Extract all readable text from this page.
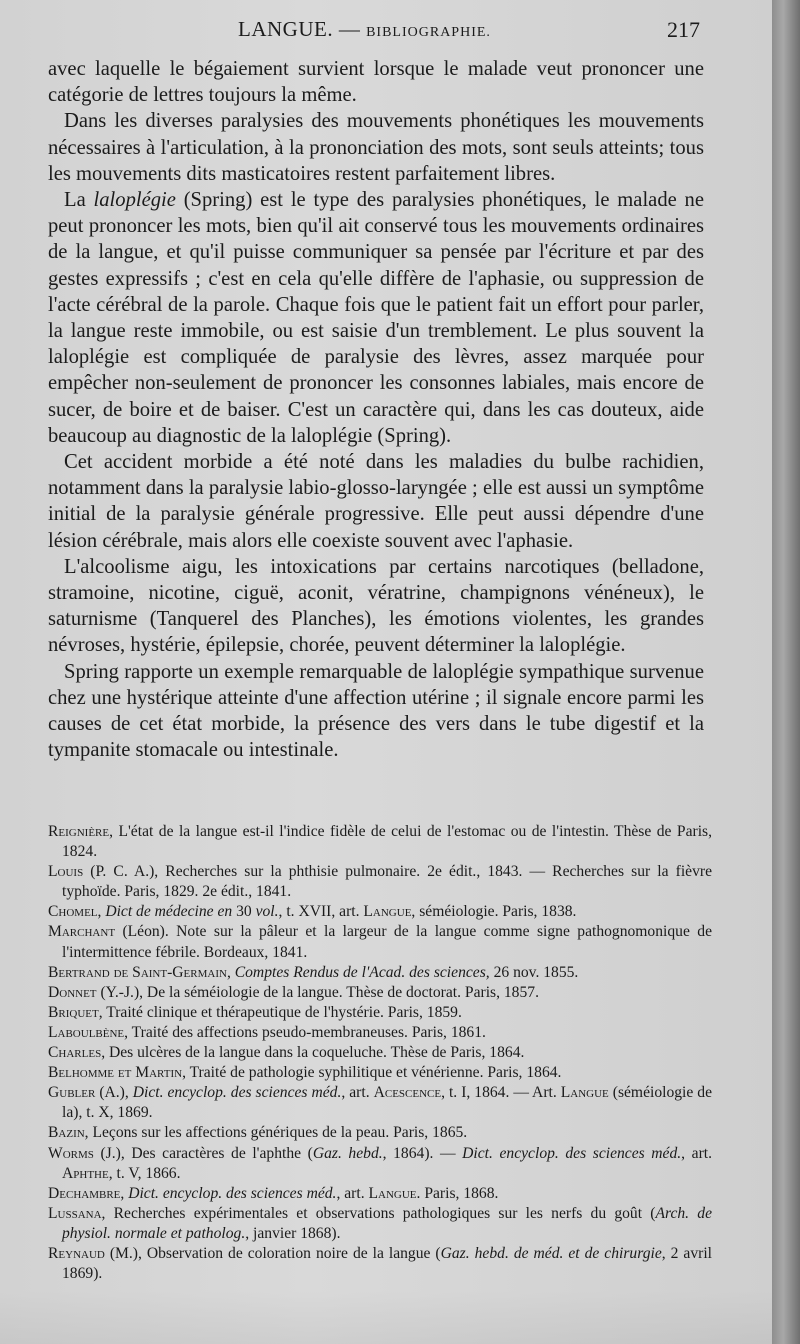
LANGUE. — BIBLIOGRAPHIE.	217

avec laquelle le bégaiement survient lorsque le malade veut prononcer une catégorie de lettres toujours la même.

Dans les diverses paralysies des mouvements phonétiques les mouvements nécessaires à l'articulation, à la prononciation des mots, sont seuls atteints; tous les mouvements dits masticatoires restent parfaitement libres.

La laloplégie (Spring) est le type des paralysies phonétiques, le malade ne peut prononcer les mots, bien qu'il ait conservé tous les mouvements ordinaires de la langue, et qu'il puisse communiquer sa pensée par l'écriture et par des gestes expressifs ; c'est en cela qu'elle diffère de l'aphasie, ou suppression de l'acte cérébral de la parole. Chaque fois que le patient fait un effort pour parler, la langue reste immobile, ou est saisie d'un tremblement. Le plus souvent la laloplégie est compliquée de paralysie des lèvres, assez marquée pour empêcher non-seulement de prononcer les consonnes labiales, mais encore de sucer, de boire et de baiser. C'est un caractère qui, dans les cas douteux, aide beaucoup au diagnostic de la laloplégie (Spring).

Cet accident morbide a été noté dans les maladies du bulbe rachidien, notamment dans la paralysie labio-glosso-laryngée ; elle est aussi un symptôme initial de la paralysie générale progressive. Elle peut aussi dépendre d'une lésion cérébrale, mais alors elle coexiste souvent avec l'aphasie.

L'alcoolisme aigu, les intoxications par certains narcotiques (belladone, stramoine, nicotine, ciguë, aconit, vératrine, champignons vénéneux), le saturnisme (Tanquerel des Planches), les émotions violentes, les grandes névroses, hystérie, épilepsie, chorée, peuvent déterminer la laloplégie.

Spring rapporte un exemple remarquable de laloplégie sympathique survenue chez une hystérique atteinte d'une affection utérine ; il signale encore parmi les causes de cet état morbide, la présence des vers dans le tube digestif et la tympanite stomacale ou intestinale.

Reignière, L'état de la langue est-il l'indice fidèle de celui de l'estomac ou de l'intestin. Thèse de Paris, 1824.
Louis (P. C. A.), Recherches sur la phthisie pulmonaire. 2e édit., 1843. — Recherches sur la fièvre typhoïde. Paris, 1829. 2e édit., 1841.
Chomel, Dict de médecine en 30 vol., t. XVII, art. Langue, séméiologie. Paris, 1838.
Marchant (Léon). Note sur la pâleur et la largeur de la langue comme signe pathognomonique de l'intermittence fébrile. Bordeaux, 1841.
Bertrand de Saint-Germain, Comptes Rendus de l'Acad. des sciences, 26 nov. 1855.
Donnet (Y.-J.), De la séméiologie de la langue. Thèse de doctorat. Paris, 1857.
Briquet, Traité clinique et thérapeutique de l'hystérie. Paris, 1859.
Laboulbène, Traité des affections pseudo-membraneuses. Paris, 1861.
Charles, Des ulcères de la langue dans la coqueluche. Thèse de Paris, 1864.
Belhomme et Martin, Traité de pathologie syphilitique et vénérienne. Paris, 1864.
Gubler (A.), Dict. encyclop. des sciences méd., art. Acescence, t. I, 1864. — Art. Langue (séméiologie de la), t. X, 1869.
Bazin, Leçons sur les affections génériques de la peau. Paris, 1865.
Worms (J.), Des caractères de l'aphthe (Gaz. hebd., 1864). — Dict. encyclop. des sciences méd., art. Aphthe, t. V, 1866.
Dechambre, Dict. encyclop. des sciences méd., art. Langue. Paris, 1868.
Lussana, Recherches expérimentales et observations pathologiques sur les nerfs du goût (Arch. de physiol. normale et patholog., janvier 1868).
Reynaud (M.), Observation de coloration noire de la langue (Gaz. hebd. de méd. et de chirurgie, 2 avril 1869).
